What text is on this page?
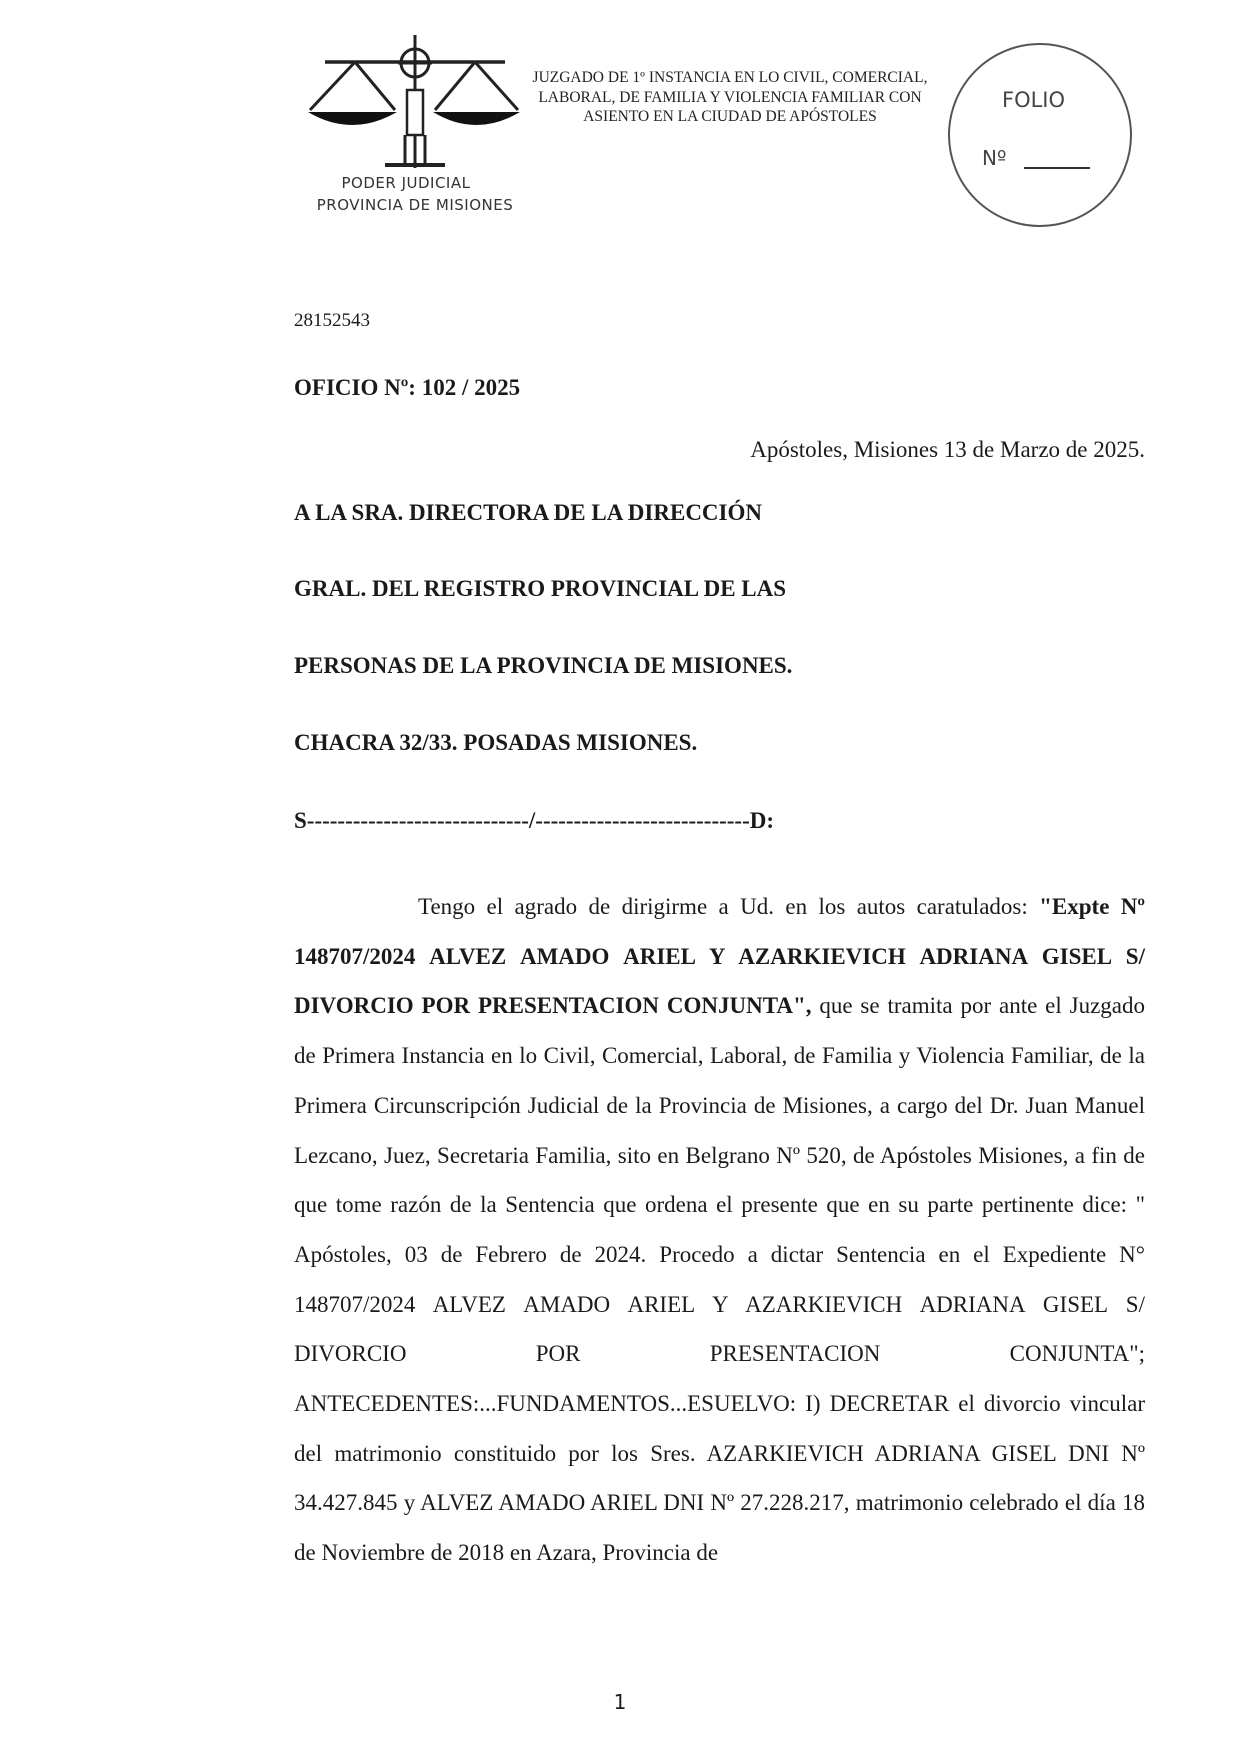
PODER JUDICIAL
PROVINCIA DE MISIONES
JUZGADO DE 1º INSTANCIA EN LO CIVIL, COMERCIAL, LABORAL, DE FAMILIA Y VIOLENCIA FAMILIAR CON ASIENTO EN LA CIUDAD DE APÓSTOLES
FOLIO
Nº
28152543
OFICIO Nº: 102 / 2025
Apóstoles, Misiones 13 de Marzo de 2025.
A LA SRA. DIRECTORA DE LA DIRECCIÓN
GRAL. DEL REGISTRO PROVINCIAL DE LAS
PERSONAS DE LA PROVINCIA DE MISIONES.
CHACRA 32/33. POSADAS MISIONES.
S-----------------------------/----------------------------D:

Tengo el agrado de dirigirme a Ud. en los autos caratulados: "Expte Nº 148707/2024 ALVEZ AMADO ARIEL Y AZARKIEVICH ADRIANA GISEL S/ DIVORCIO POR PRESENTACION CONJUNTA", que se tramita por ante el Juzgado de Primera Instancia en lo Civil, Comercial, Laboral, de Familia y Violencia Familiar, de la Primera Circunscripción Judicial de la Provincia de Misiones, a cargo del Dr. Juan Manuel Lezcano, Juez, Secretaria Familia, sito en Belgrano Nº 520, de Apóstoles Misiones, a fin de que tome razón de la Sentencia que ordena el presente que en su parte pertinente dice: " Apóstoles, 03 de Febrero de 2024. Procedo a dictar Sentencia en el Expediente N° 148707/2024 ALVEZ AMADO ARIEL Y AZARKIEVICH ADRIANA GISEL S/ DIVORCIO POR PRESENTACION CONJUNTA"; ANTECEDENTES:...FUNDAMENTOS...ESUELVO: I) DECRETAR el divorcio vincular del matrimonio constituido por los Sres. AZARKIEVICH ADRIANA GISEL DNI Nº 34.427.845 y ALVEZ AMADO ARIEL DNI Nº 27.228.217, matrimonio celebrado el día 18 de Noviembre de 2018 en Azara, Provincia de

1
